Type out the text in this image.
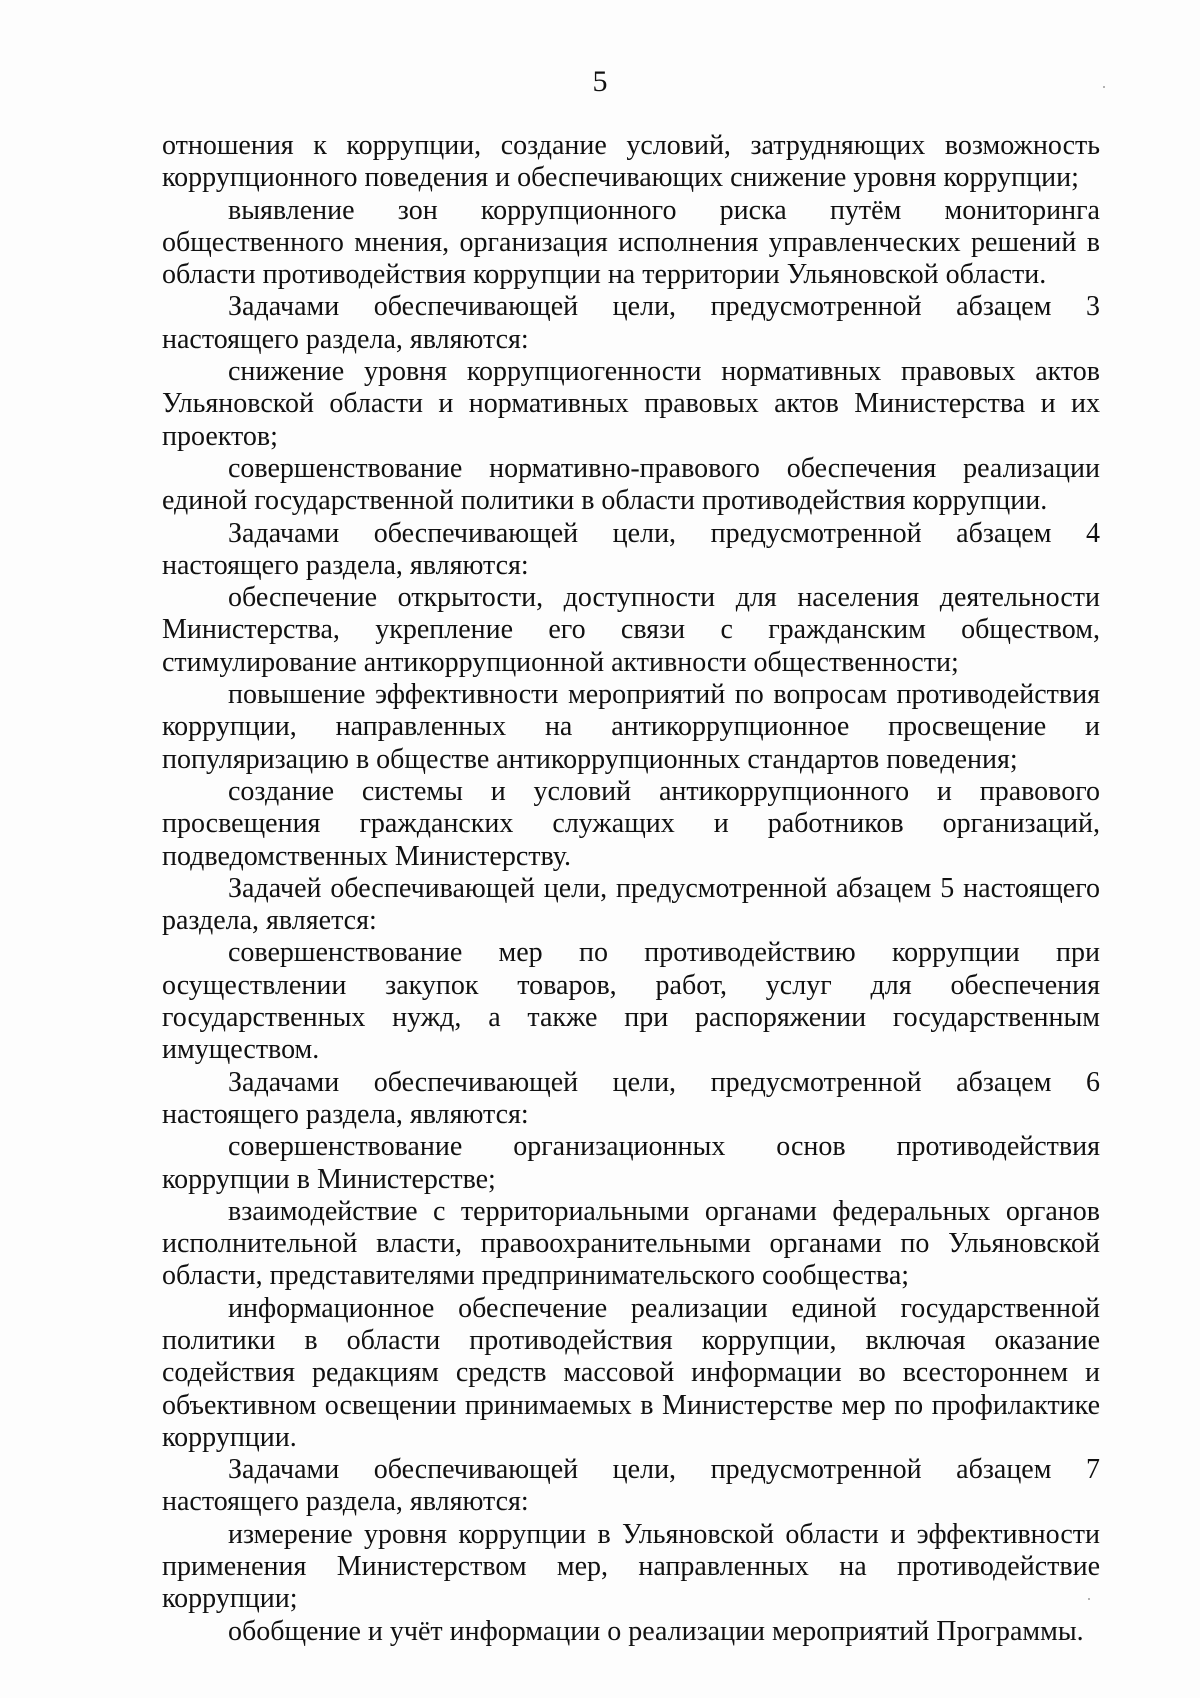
5

отношения к коррупции, создание условий, затрудняющих возможность коррупционного поведения и обеспечивающих снижение уровня коррупции;

выявление зон коррупционного риска путём мониторинга общественного мнения, организация исполнения управленческих решений в области противодействия коррупции на территории Ульяновской области.

Задачами обеспечивающей цели, предусмотренной абзацем 3 настоящего раздела, являются:

снижение уровня коррупциогенности нормативных правовых актов Ульяновской области и нормативных правовых актов Министерства и их проектов;

совершенствование нормативно-правового обеспечения реализации единой государственной политики в области противодействия коррупции.

Задачами обеспечивающей цели, предусмотренной абзацем 4 настоящего раздела, являются:

обеспечение открытости, доступности для населения деятельности Министерства, укрепление его связи с гражданским обществом, стимулирование антикоррупционной активности общественности;

повышение эффективности мероприятий по вопросам противодействия коррупции, направленных на антикоррупционное просвещение и популяризацию в обществе антикоррупционных стандартов поведения;

создание системы и условий антикоррупционного и правового просвещения гражданских служащих и работников организаций, подведомственных Министерству.

Задачей обеспечивающей цели, предусмотренной абзацем 5 настоящего раздела, является:

совершенствование мер по противодействию коррупции при осуществлении закупок товаров, работ, услуг для обеспечения государственных нужд, а также при распоряжении государственным имуществом.

Задачами обеспечивающей цели, предусмотренной абзацем 6 настоящего раздела, являются:

совершенствование организационных основ противодействия коррупции в Министерстве;

взаимодействие с территориальными органами федеральных органов исполнительной власти, правоохранительными органами по Ульяновской области, представителями предпринимательского сообщества;

информационное обеспечение реализации единой государственной политики в области противодействия коррупции, включая оказание содействия редакциям средств массовой информации во всестороннем и объективном освещении принимаемых в Министерстве мер по профилактике коррупции.

Задачами обеспечивающей цели, предусмотренной абзацем 7 настоящего раздела, являются:

измерение уровня коррупции в Ульяновской области и эффективности применения Министерством мер, направленных на противодействие коррупции;

обобщение и учёт информации о реализации мероприятий Программы.
